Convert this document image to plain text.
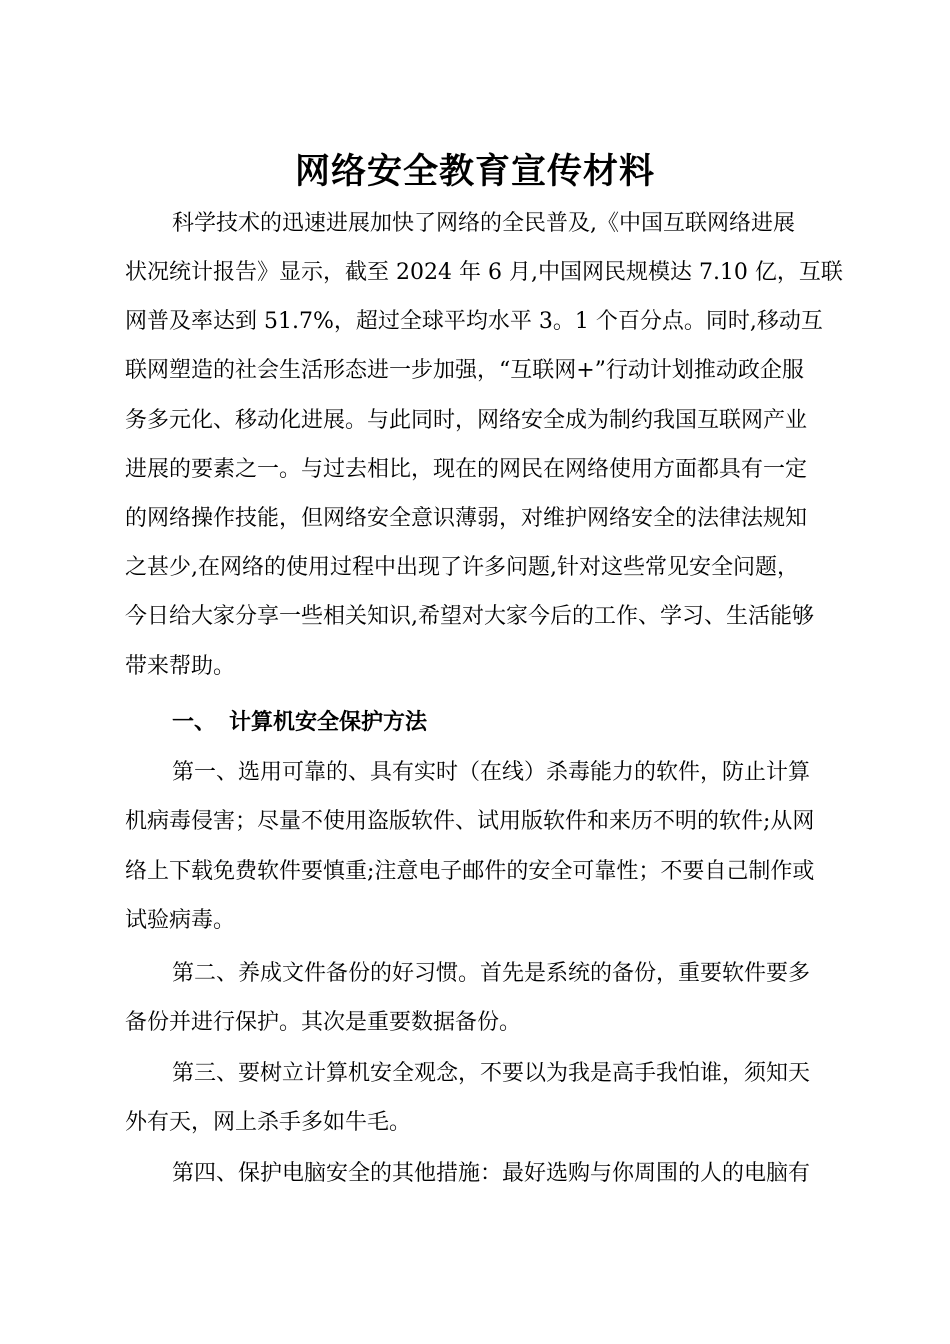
网络安全教育宣传材料
科学技术的迅速进展加快了网络的全民普及,《中国互联网络进展
状况统计报告》显示，截至 2024 年 6 月,中国网民规模达 7.10 亿，互联
网普及率达到 51.7%，超过全球平均水平 3。1 个百分点。同时,移动互
联网塑造的社会生活形态进一步加强，“互联网+”行动计划推动政企服
务多元化、移动化进展。与此同时，网络安全成为制约我国互联网产业
进展的要素之一。与过去相比，现在的网民在网络使用方面都具有一定
的网络操作技能，但网络安全意识薄弱，对维护网络安全的法律法规知
之甚少,在网络的使用过程中出现了许多问题,针对这些常见安全问题，
今日给大家分享一些相关知识,希望对大家今后的工作、学习、生活能够
带来帮助。
一、 计算机安全保护方法
第一、选用可靠的、具有实时（在线）杀毒能力的软件，防止计算
机病毒侵害；尽量不使用盗版软件、试用版软件和来历不明的软件;从网
络上下载免费软件要慎重;注意电子邮件的安全可靠性；不要自己制作或
试验病毒。
第二、养成文件备份的好习惯。首先是系统的备份，重要软件要多
备份并进行保护。其次是重要数据备份。
第三、要树立计算机安全观念，不要以为我是高手我怕谁，须知天
外有天，网上杀手多如牛毛。
第四、保护电脑安全的其他措施：最好选购与你周围的人的电脑有
